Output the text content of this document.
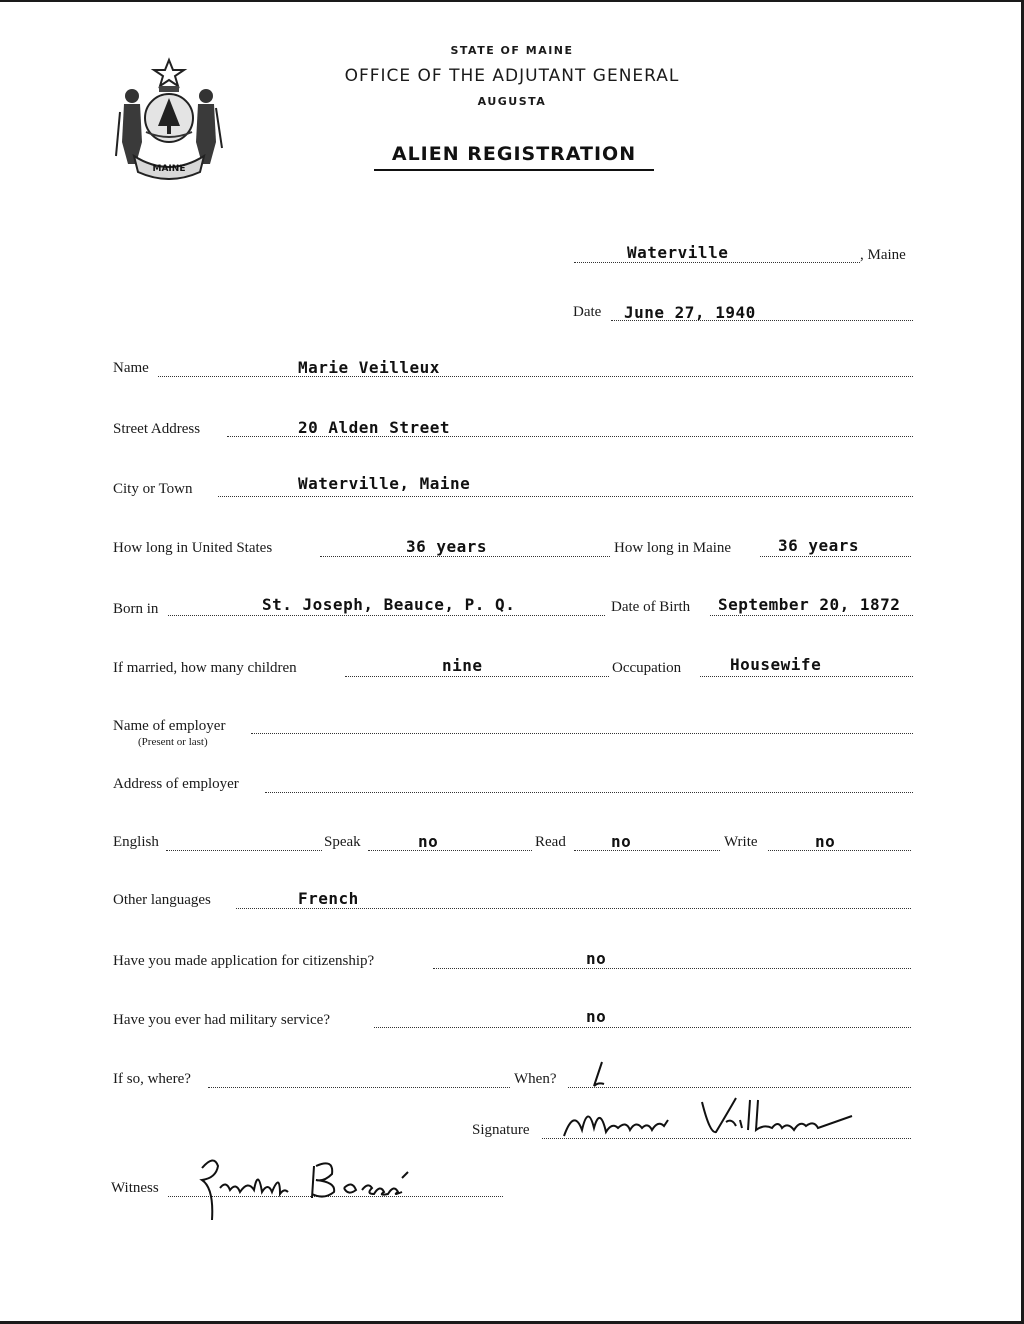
MAINE
STATE OF MAINE
OFFICE OF THE ADJUTANT GENERAL
AUGUSTA
ALIEN REGISTRATION
Waterville	, Maine
Date June 27, 1940
Name	Marie Veilleux
Street Address	20 Alden Street
City or Town	Waterville, Maine
How long in United States	36 years	How long in Maine	36 years
Born in	St. Joseph, Beauce, P. Q.	Date of Birth September 20, 1872
If married, how many children	nine	Occupation	Housewife
Name of employer
(Present or last)
Address of employer
English	Speak	no	Read	no	Write	no
Other languages	French
Have you made application for citizenship?	no
Have you ever had military service?	no
If so, where?	When?
Signature
Witness
